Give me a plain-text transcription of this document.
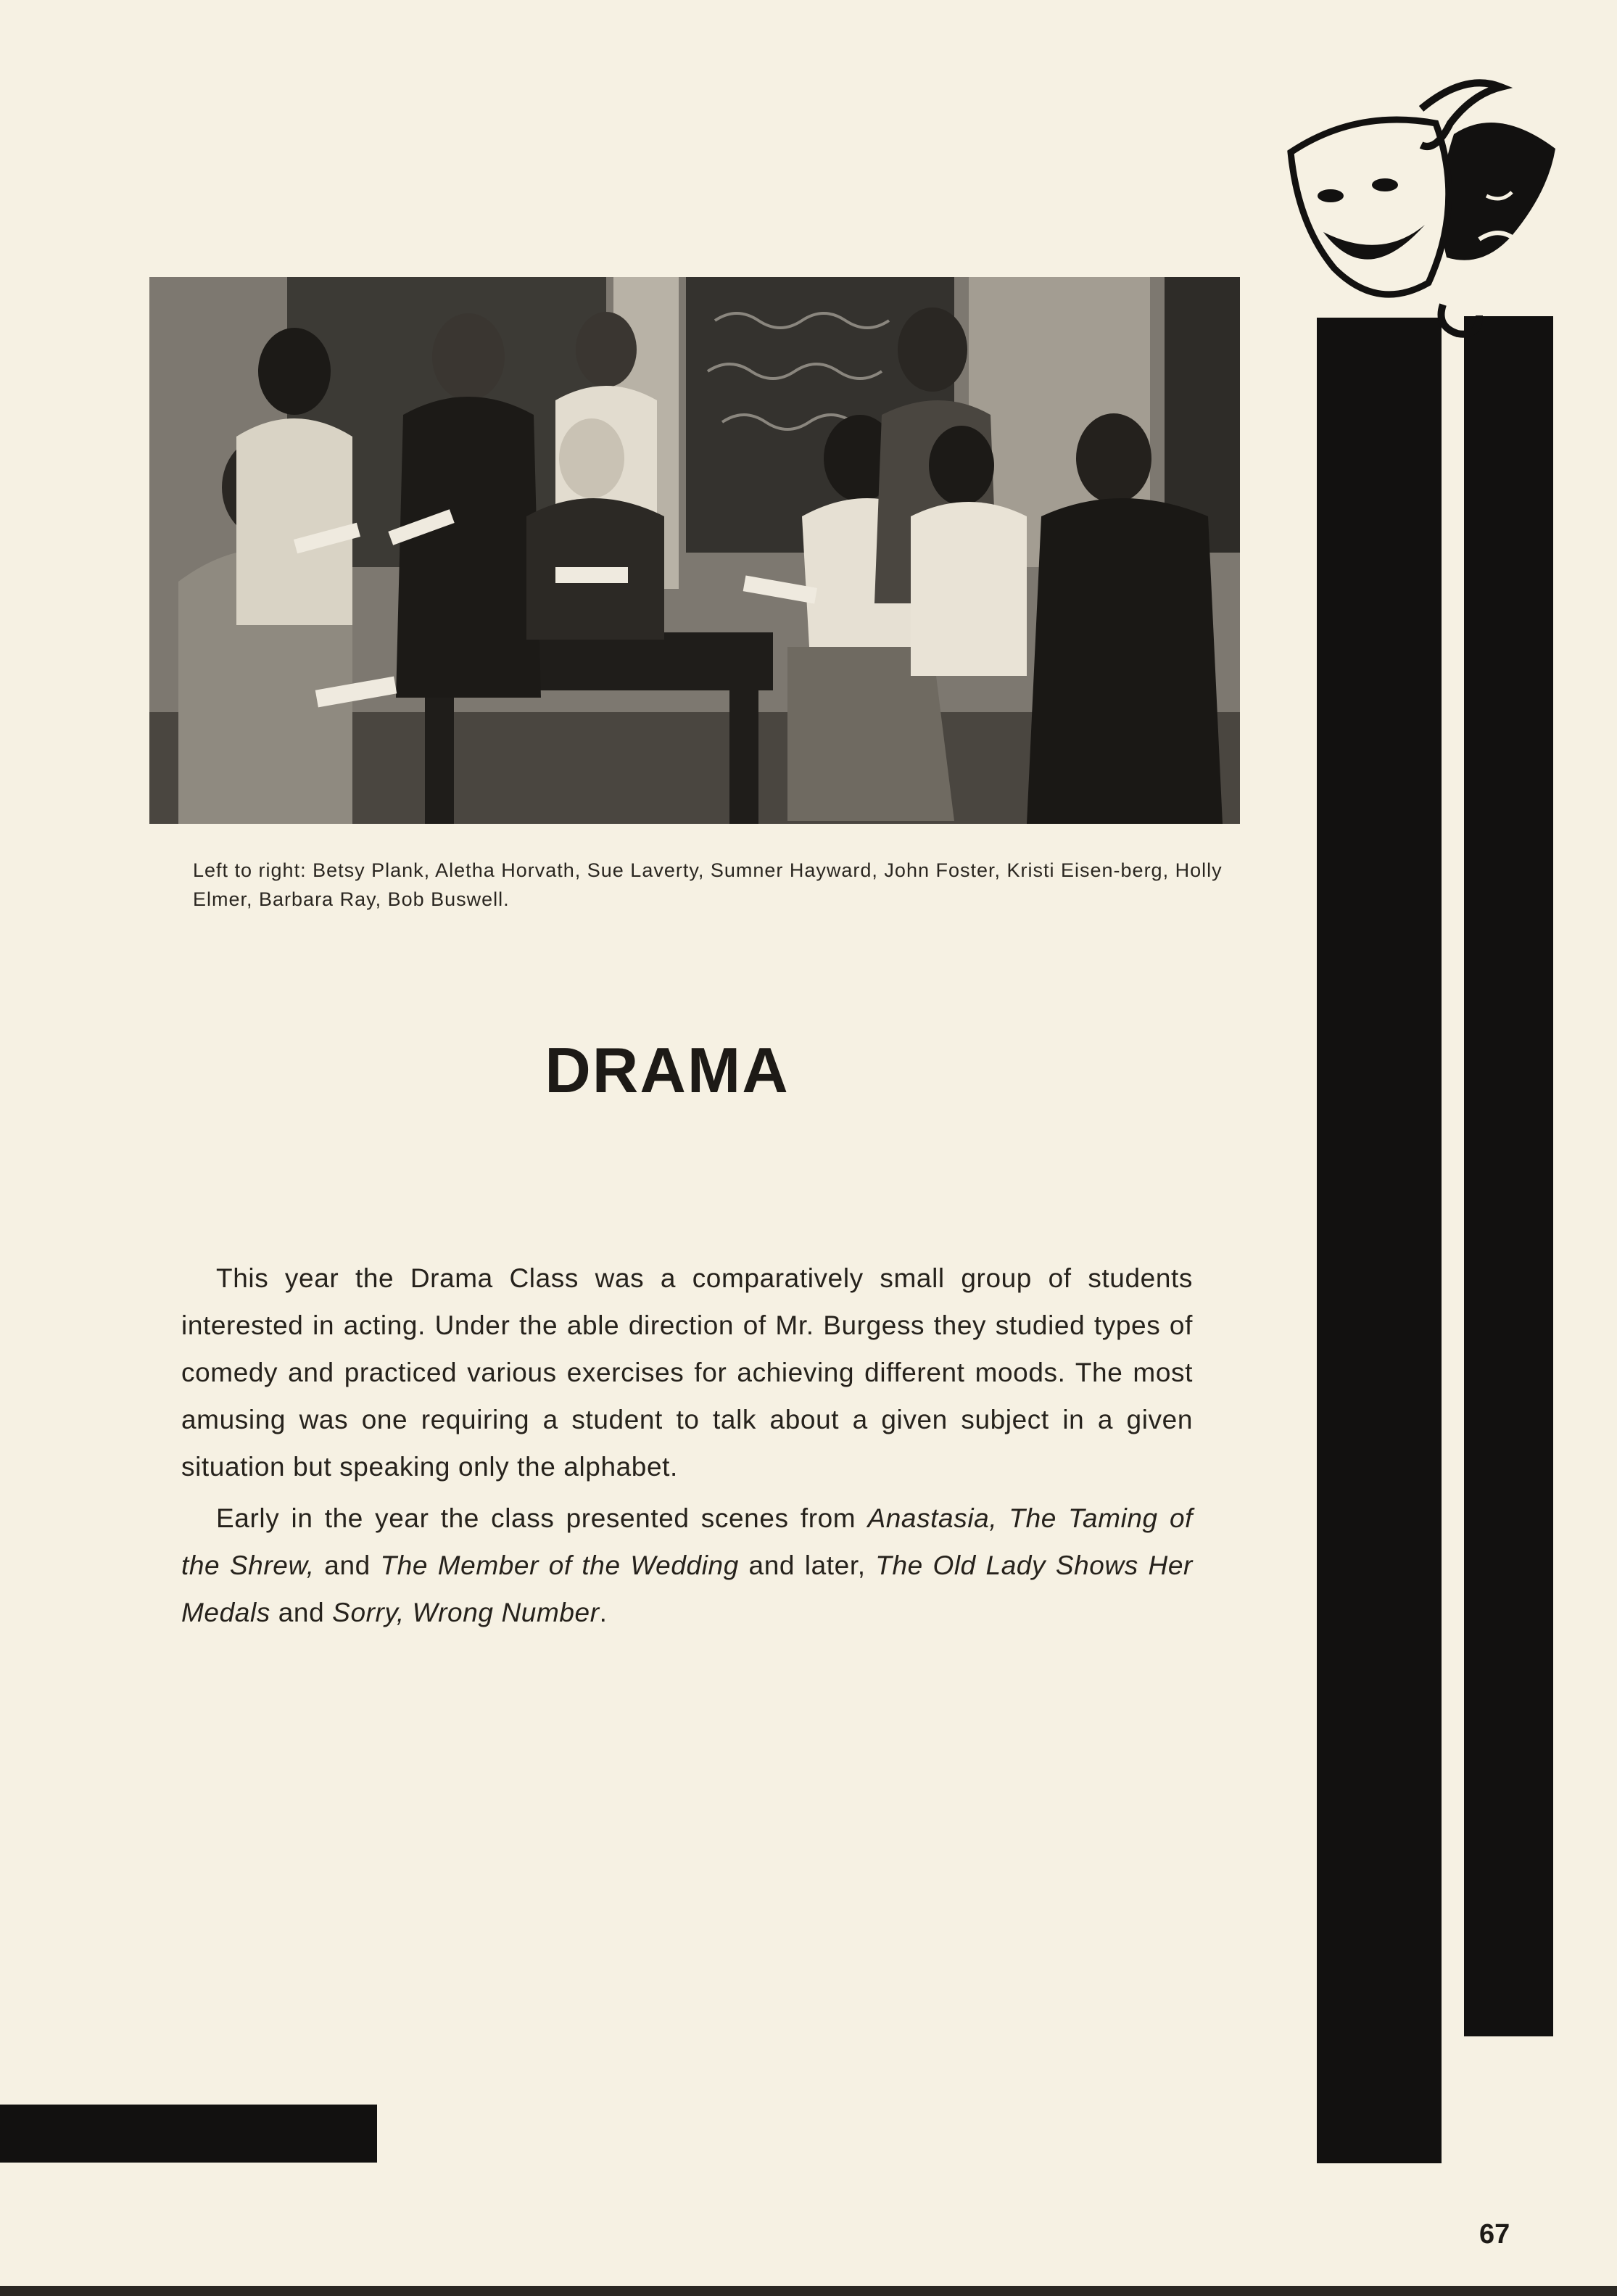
Left to right: Betsy Plank, Aletha Horvath, Sue Laverty, Sumner Hayward, John Foster, Kristi Eisen-berg, Holly Elmer, Barbara Ray, Bob Buswell.

DRAMA

This year the Drama Class was a comparatively small group of students interested in acting. Under the able direction of Mr. Burgess they studied types of comedy and practiced various exercises for achieving different moods. The most amusing was one requiring a student to talk about a given subject in a given situation but speaking only the alphabet.

Early in the year the class presented scenes from Anastasia, The Taming of the Shrew, and The Member of the Wedding and later, The Old Lady Shows Her Medals and Sorry, Wrong Number.

67
